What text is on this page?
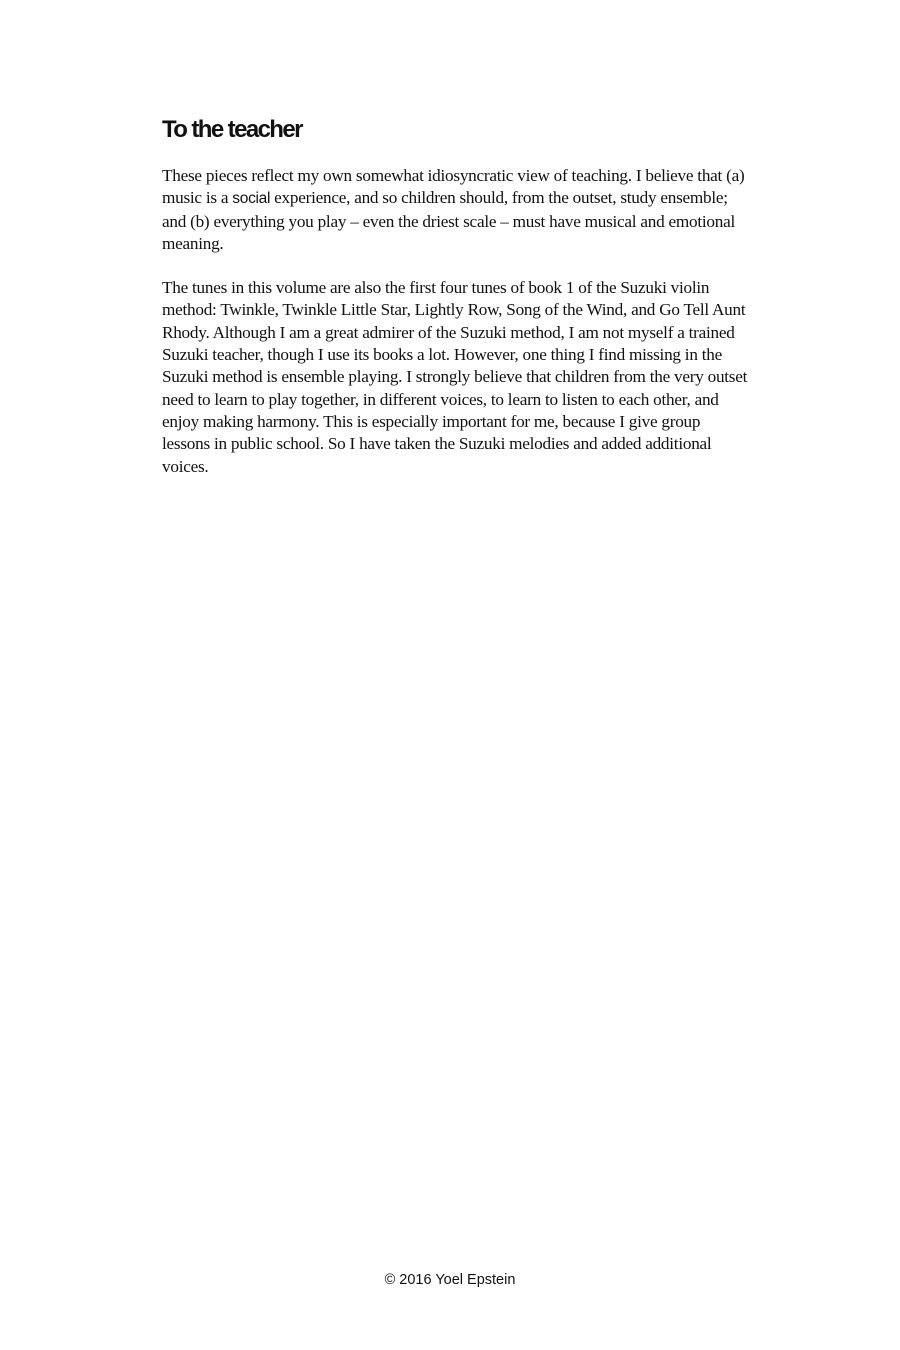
To the teacher

These pieces reflect my own somewhat idiosyncratic view of teaching. I believe that (a) music is a social experience, and so children should, from the outset, study ensemble; and (b) everything you play – even the driest scale – must have musical and emotional meaning.

The tunes in this volume are also the first four tunes of book 1 of the Suzuki violin method: Twinkle, Twinkle Little Star, Lightly Row, Song of the Wind, and Go Tell Aunt Rhody. Although I am a great admirer of the Suzuki method, I am not myself a trained Suzuki teacher, though I use its books a lot. However, one thing I find missing in the Suzuki method is ensemble playing. I strongly believe that children from the very outset need to learn to play together, in different voices, to learn to listen to each other, and enjoy making harmony. This is especially important for me, because I give group lessons in public school. So I have taken the Suzuki melodies and added additional voices.

© 2016 Yoel Epstein
